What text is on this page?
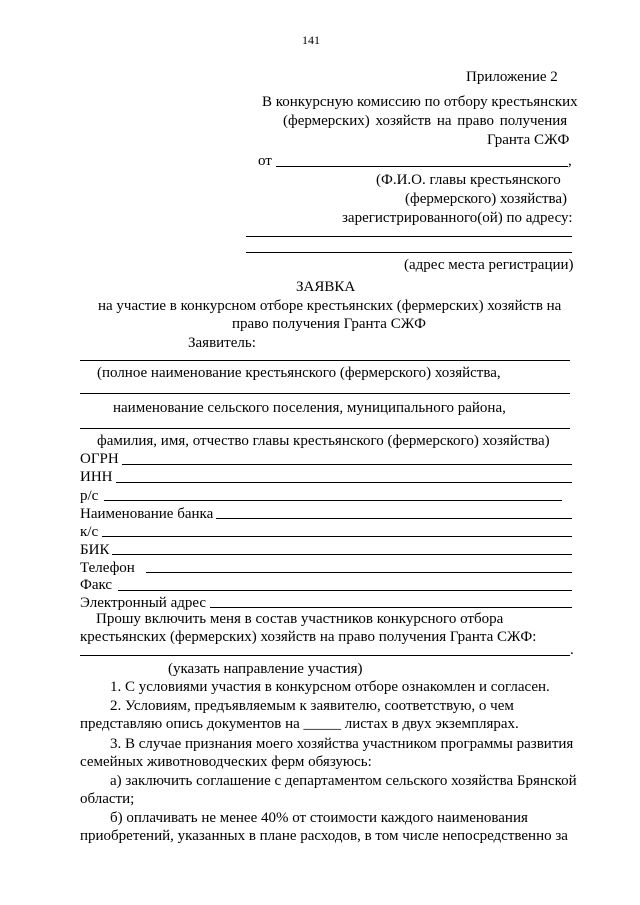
141
Приложение 2
В конкурсную комиссию по отбору крестьянских
(фермерских) хозяйств на право получения
Гранта СЖФ
от	,
(Ф.И.О. главы крестьянского
(фермерского) хозяйства)
зарегистрированного(ой) по адресу:
(адрес места регистрации)
ЗАЯВКА
на участие в конкурсном отборе крестьянских (фермерских) хозяйств на
право получения Гранта СЖФ
Заявитель:
(полное наименование крестьянского (фермерского) хозяйства,
наименование сельского поселения, муниципального района,
фамилия, имя, отчество главы крестьянского (фермерского) хозяйства)
ОГРН
ИНН
р/с
Наименование банка
к/с
БИК
Телефон
Факс
Электронный адрес
Прошу включить меня в состав участников конкурсного отбора
крестьянских (фермерских) хозяйств на право получения Гранта СЖФ:
.
(указать направление участия)
1. С условиями участия в конкурсном отборе ознакомлен и согласен.
2. Условиям, предъявляемым к заявителю, соответствую, о чем
представляю опись документов на _____ листах в двух экземплярах.
3. В случае признания моего хозяйства участником программы развития
семейных животноводческих ферм обязуюсь:
а) заключить соглашение с департаментом сельского хозяйства Брянской
области;
б) оплачивать не менее 40% от стоимости каждого наименования
приобретений, указанных в плане расходов, в том числе непосредственно за
